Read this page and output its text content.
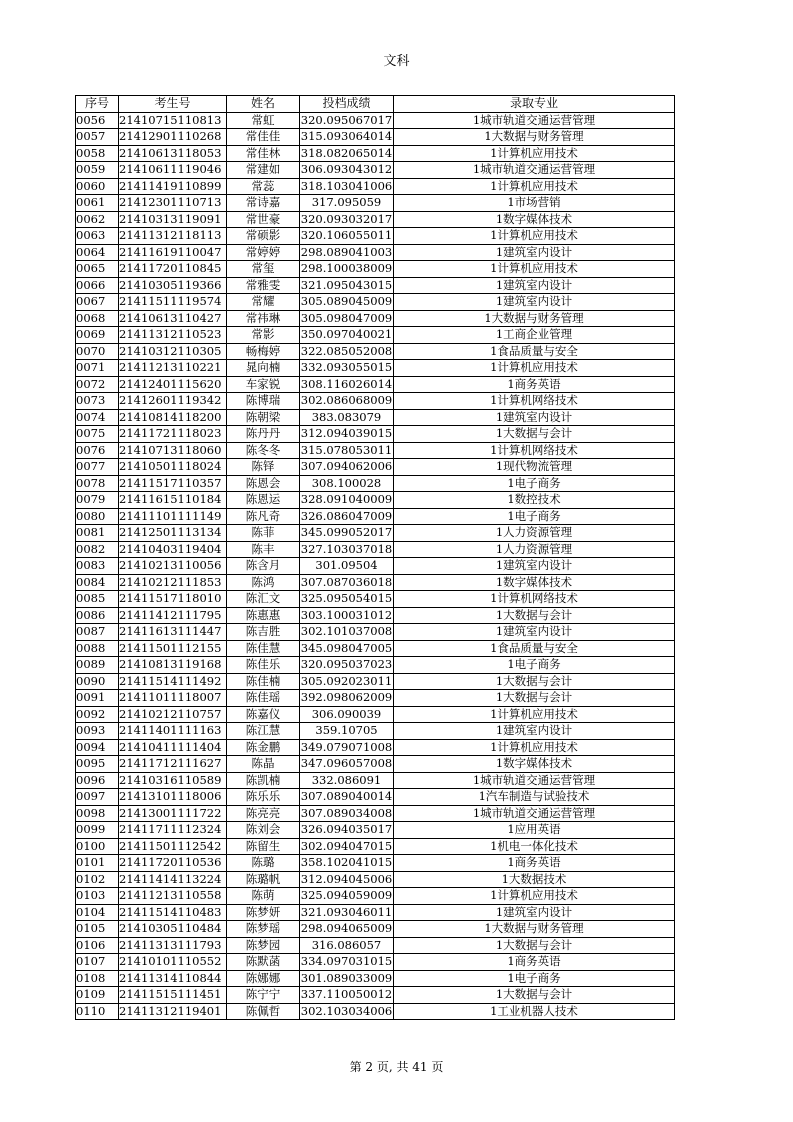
文科
序号	考生号	姓名	投档成绩	录取专业
0056	21410715110813	常虹	320.095067017	1城市轨道交通运营管理
0057	21412901110268	常佳佳	315.093064014	1大数据与财务管理
0058	21410613118053	常佳林	318.082065014	1计算机应用技术
0059	21410611119046	常建如	306.093043012	1城市轨道交通运营管理
0060	21411419110899	常蕊	318.103041006	1计算机应用技术
0061	21412301110713	常诗嘉	317.095059	1市场营销
0062	21410313119091	常世豪	320.093032017	1数字媒体技术
0063	21411312118113	常硕影	320.106055011	1计算机应用技术
0064	21411619110047	常婷婷	298.089041003	1建筑室内设计
0065	21411720110845	常玺	298.100038009	1计算机应用技术
0066	21410305119366	常雅雯	321.095043015	1建筑室内设计
0067	21411511119574	常耀	305.089045009	1建筑室内设计
0068	21410613110427	常祎琳	305.098047009	1大数据与财务管理
0069	21411312110523	常影	350.097040021	1工商企业管理
0070	21410312110305	畅梅婷	322.085052008	1食品质量与安全
0071	21411213110221	晁向楠	332.093055015	1计算机应用技术
0072	21412401115620	车家锐	308.116026014	1商务英语
0073	21412601119342	陈博瑞	302.086068009	1计算机网络技术
0074	21410814118200	陈朝梁	383.083079	1建筑室内设计
0075	21411721118023	陈丹丹	312.094039015	1大数据与会计
0076	21410713118060	陈冬冬	315.078053011	1计算机网络技术
0077	21410501118024	陈铎	307.094062006	1现代物流管理
0078	21411517110357	陈恩会	308.100028	1电子商务
0079	21411615110184	陈恩运	328.091040009	1数控技术
0080	21411101111149	陈凡奇	326.086047009	1电子商务
0081	21412501113134	陈菲	345.099052017	1人力资源管理
0082	21410403119404	陈丰	327.103037018	1人力资源管理
0083	21410213110056	陈含月	301.09504	1建筑室内设计
0084	21410212111853	陈鸿	307.087036018	1数字媒体技术
0085	21411517118010	陈汇文	325.095054015	1计算机网络技术
0086	21411412111795	陈惠惠	303.100031012	1大数据与会计
0087	21411613111447	陈吉胜	302.101037008	1建筑室内设计
0088	21411501112155	陈佳慧	345.098047005	1食品质量与安全
0089	21410813119168	陈佳乐	320.095037023	1电子商务
0090	21411514111492	陈佳楠	305.092023011	1大数据与会计
0091	21411011118007	陈佳瑶	392.098062009	1大数据与会计
0092	21410212110757	陈嘉仪	306.090039	1计算机应用技术
0093	21411401111163	陈江慧	359.10705	1建筑室内设计
0094	21410411111404	陈金鹏	349.079071008	1计算机应用技术
0095	21411712111627	陈晶	347.096057008	1数字媒体技术
0096	21410316110589	陈凯楠	332.086091	1城市轨道交通运营管理
0097	21413101118006	陈乐乐	307.089040014	1汽车制造与试验技术
0098	21413001111722	陈亮亮	307.089034008	1城市轨道交通运营管理
0099	21411711112324	陈刘会	326.094035017	1应用英语
0100	21411501112542	陈留生	302.094047015	1机电一体化技术
0101	21411720110536	陈璐	358.102041015	1商务英语
0102	21411414113224	陈璐帆	312.094045006	1大数据技术
0103	21411213110558	陈萌	325.094059009	1计算机应用技术
0104	21411514110483	陈梦妍	321.093046011	1建筑室内设计
0105	21410305110484	陈梦瑶	298.094065009	1大数据与财务管理
0106	21411313111793	陈梦园	316.086057	1大数据与会计
0107	21410101110552	陈默菡	334.097031015	1商务英语
0108	21411314110844	陈娜娜	301.089033009	1电子商务
0109	21411515111451	陈宁宁	337.110050012	1大数据与会计
0110	21411312119401	陈佩哲	302.103034006	1工业机器人技术
第 2 页, 共 41 页
